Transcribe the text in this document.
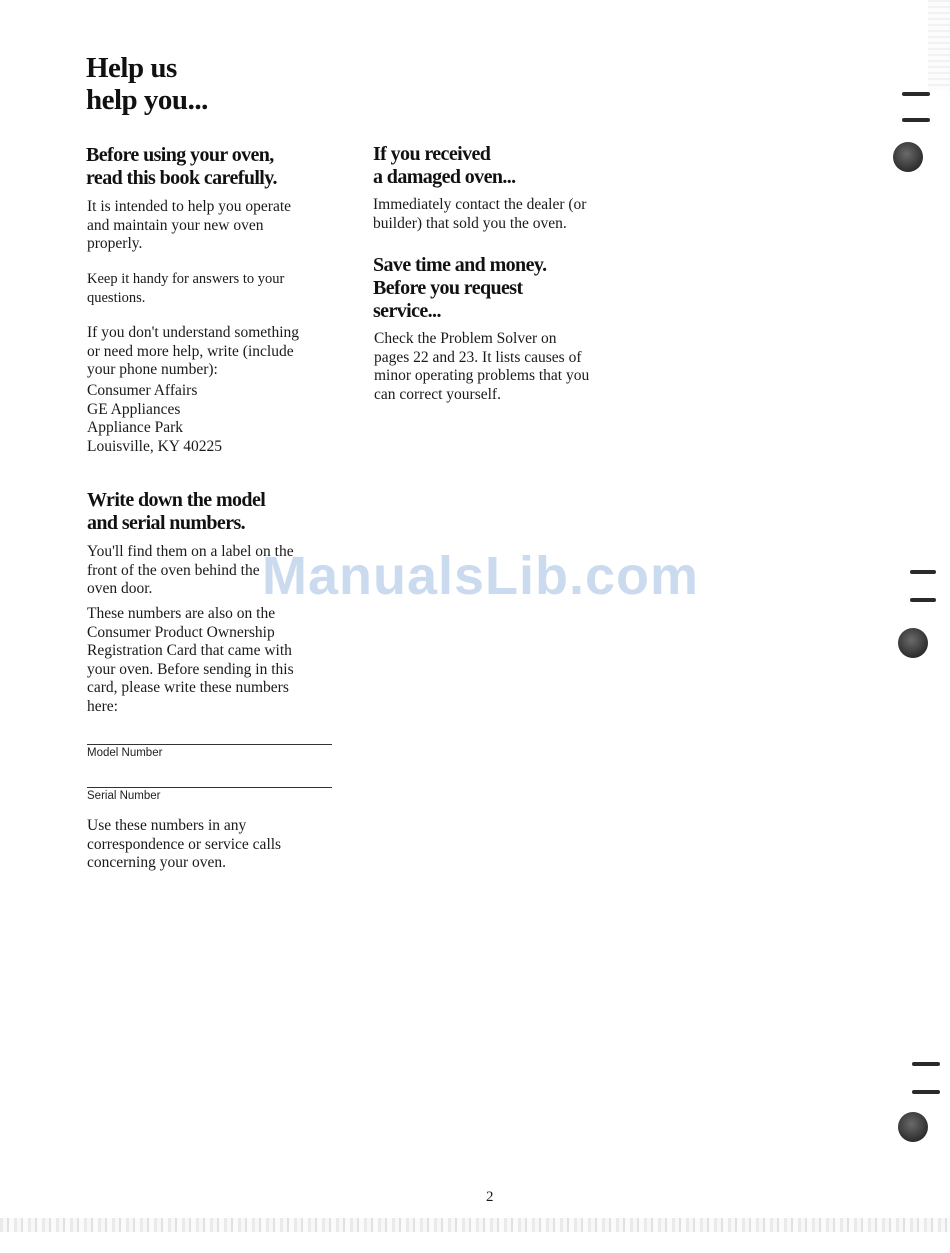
Help us
help you...
Before using your oven,
read this book carefully.
It is intended to help you operate
and maintain your new oven
properly.
Keep it handy for answers to your
questions.
If you don't understand something
or need more help, write (include
your phone number):
Consumer Affairs
GE Appliances
Appliance Park
Louisville, KY 40225
Write down the model
and serial numbers.
You'll find them on a label on the
front of the oven behind the
oven door.
These numbers are also on the
Consumer Product Ownership
Registration Card that came with
your oven. Before sending in this
card, please write these numbers
here:
Model Number
Serial Number
Use these numbers in any
correspondence or service calls
concerning your oven.
If you received
a damaged oven...
Immediately contact the dealer (or
builder) that sold you the oven.
Save time and money.
Before you request
service...
Check the Problem Solver on
pages 22 and 23. It lists causes of
minor operating problems that you
can correct yourself.
ManualsLib.com
2
